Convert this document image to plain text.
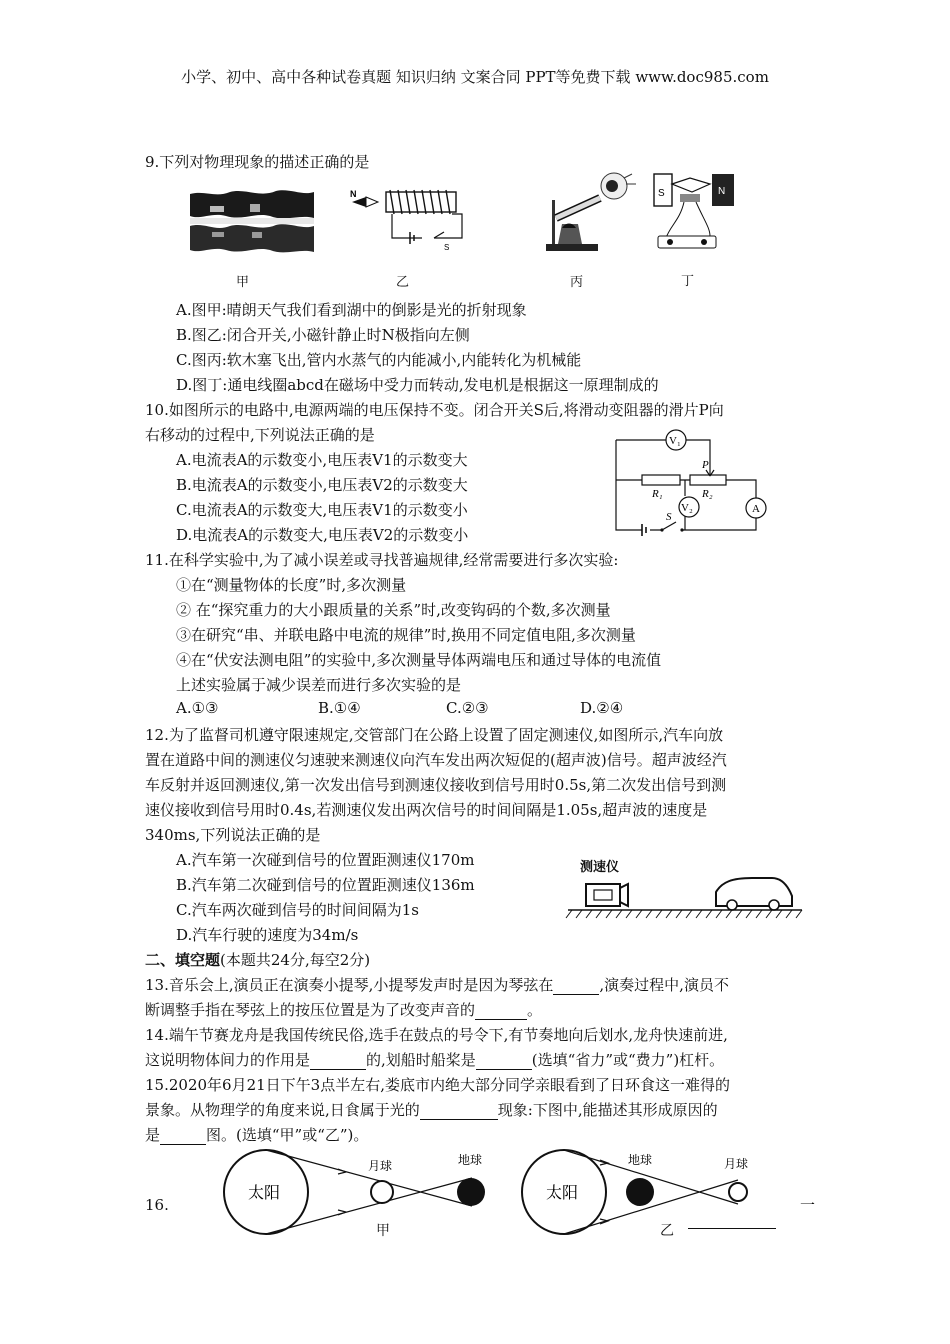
小学、初中、高中各种试卷真题 知识归纳 文案合同 PPT等免费下载 www.doc985.com
9.下列对物理现象的描述正确的是
甲
N
S
乙	丙
S	N
丁
A.图甲:晴朗天气我们看到湖中的倒影是光的折射现象
B.图乙:闭合开关,小磁针静止时N极指向左侧
C.图丙:软木塞飞出,管内水蒸气的内能减小,内能转化为机械能
D.图丁:通电线圈abcd在磁场中受力而转动,发电机是根据这一原理制成的
10.如图所示的电路中,电源两端的电压保持不变。闭合开关S后,将滑动变阻器的滑片P向
右移动的过程中,下列说法正确的是
A.电流表A的示数变小,电压表V1的示数变大
B.电流表A的示数变小,电压表V2的示数变大
C.电流表A的示数变大,电压表V1的示数变小
D.电流表A的示数变大,电压表V2的示数变小
V₁
P
R₁	R₂
V₂	A
S
11.在科学实验中,为了减小误差或寻找普遍规律,经常需要进行多次实验:
①在“测量物体的长度”时,多次测量
② 在“探究重力的大小跟质量的关系”时,改变钩码的个数,多次测量
③在研究“串、并联电路中电流的规律”时,换用不同定值电阻,多次测量
④在“伏安法测电阻”的实验中,多次测量导体两端电压和通过导体的电流值
上述实验属于减少误差而进行多次实验的是
A.①③	B.①④	C.②③	D.②④
12.为了监督司机遵守限速规定,交管部门在公路上设置了固定测速仪,如图所示,汽车向放
置在道路中间的测速仪匀速驶来测速仪向汽车发出两次短促的(超声波)信号。超声波经汽
车反射并返回测速仪,第一次发出信号到测速仪接收到信号用时0.5s,第二次发出信号到测
速仪接收到信号用时0.4s,若测速仪发出两次信号的时间间隔是1.05s,超声波的速度是
340ms,下列说法正确的是
A.汽车第一次碰到信号的位置距测速仪170m
B.汽车第二次碰到信号的位置距测速仪136m
C.汽车两次碰到信号的时间间隔为1s
D.汽车行驶的速度为34m/s
测速仪
二、填空题(本题共24分,每空2分)
13.音乐会上,演员正在演奏小提琴,小提琴发声时是因为琴弦在	,演奏过程中,演员不
断调整手指在琴弦上的按压位置是为了改变声音的	。
14.端午节赛龙舟是我国传统民俗,选手在鼓点的号令下,有节奏地向后划水,龙舟快速前进,
这说明物体间力的作用是	的,划船时船桨是	(选填“省力”或“费力”)杠杆。
15.2020年6月21日下午3点半左右,娄底市内绝大部分同学亲眼看到了日环食这一难得的
景象。从物理学的角度来说,日食属于光的	现象:下图中,能描述其形成原因的
是	图。(选填“甲”或“乙”)。
太阳
月球	地球
太阳
地球	月球
甲	乙
16.	一
